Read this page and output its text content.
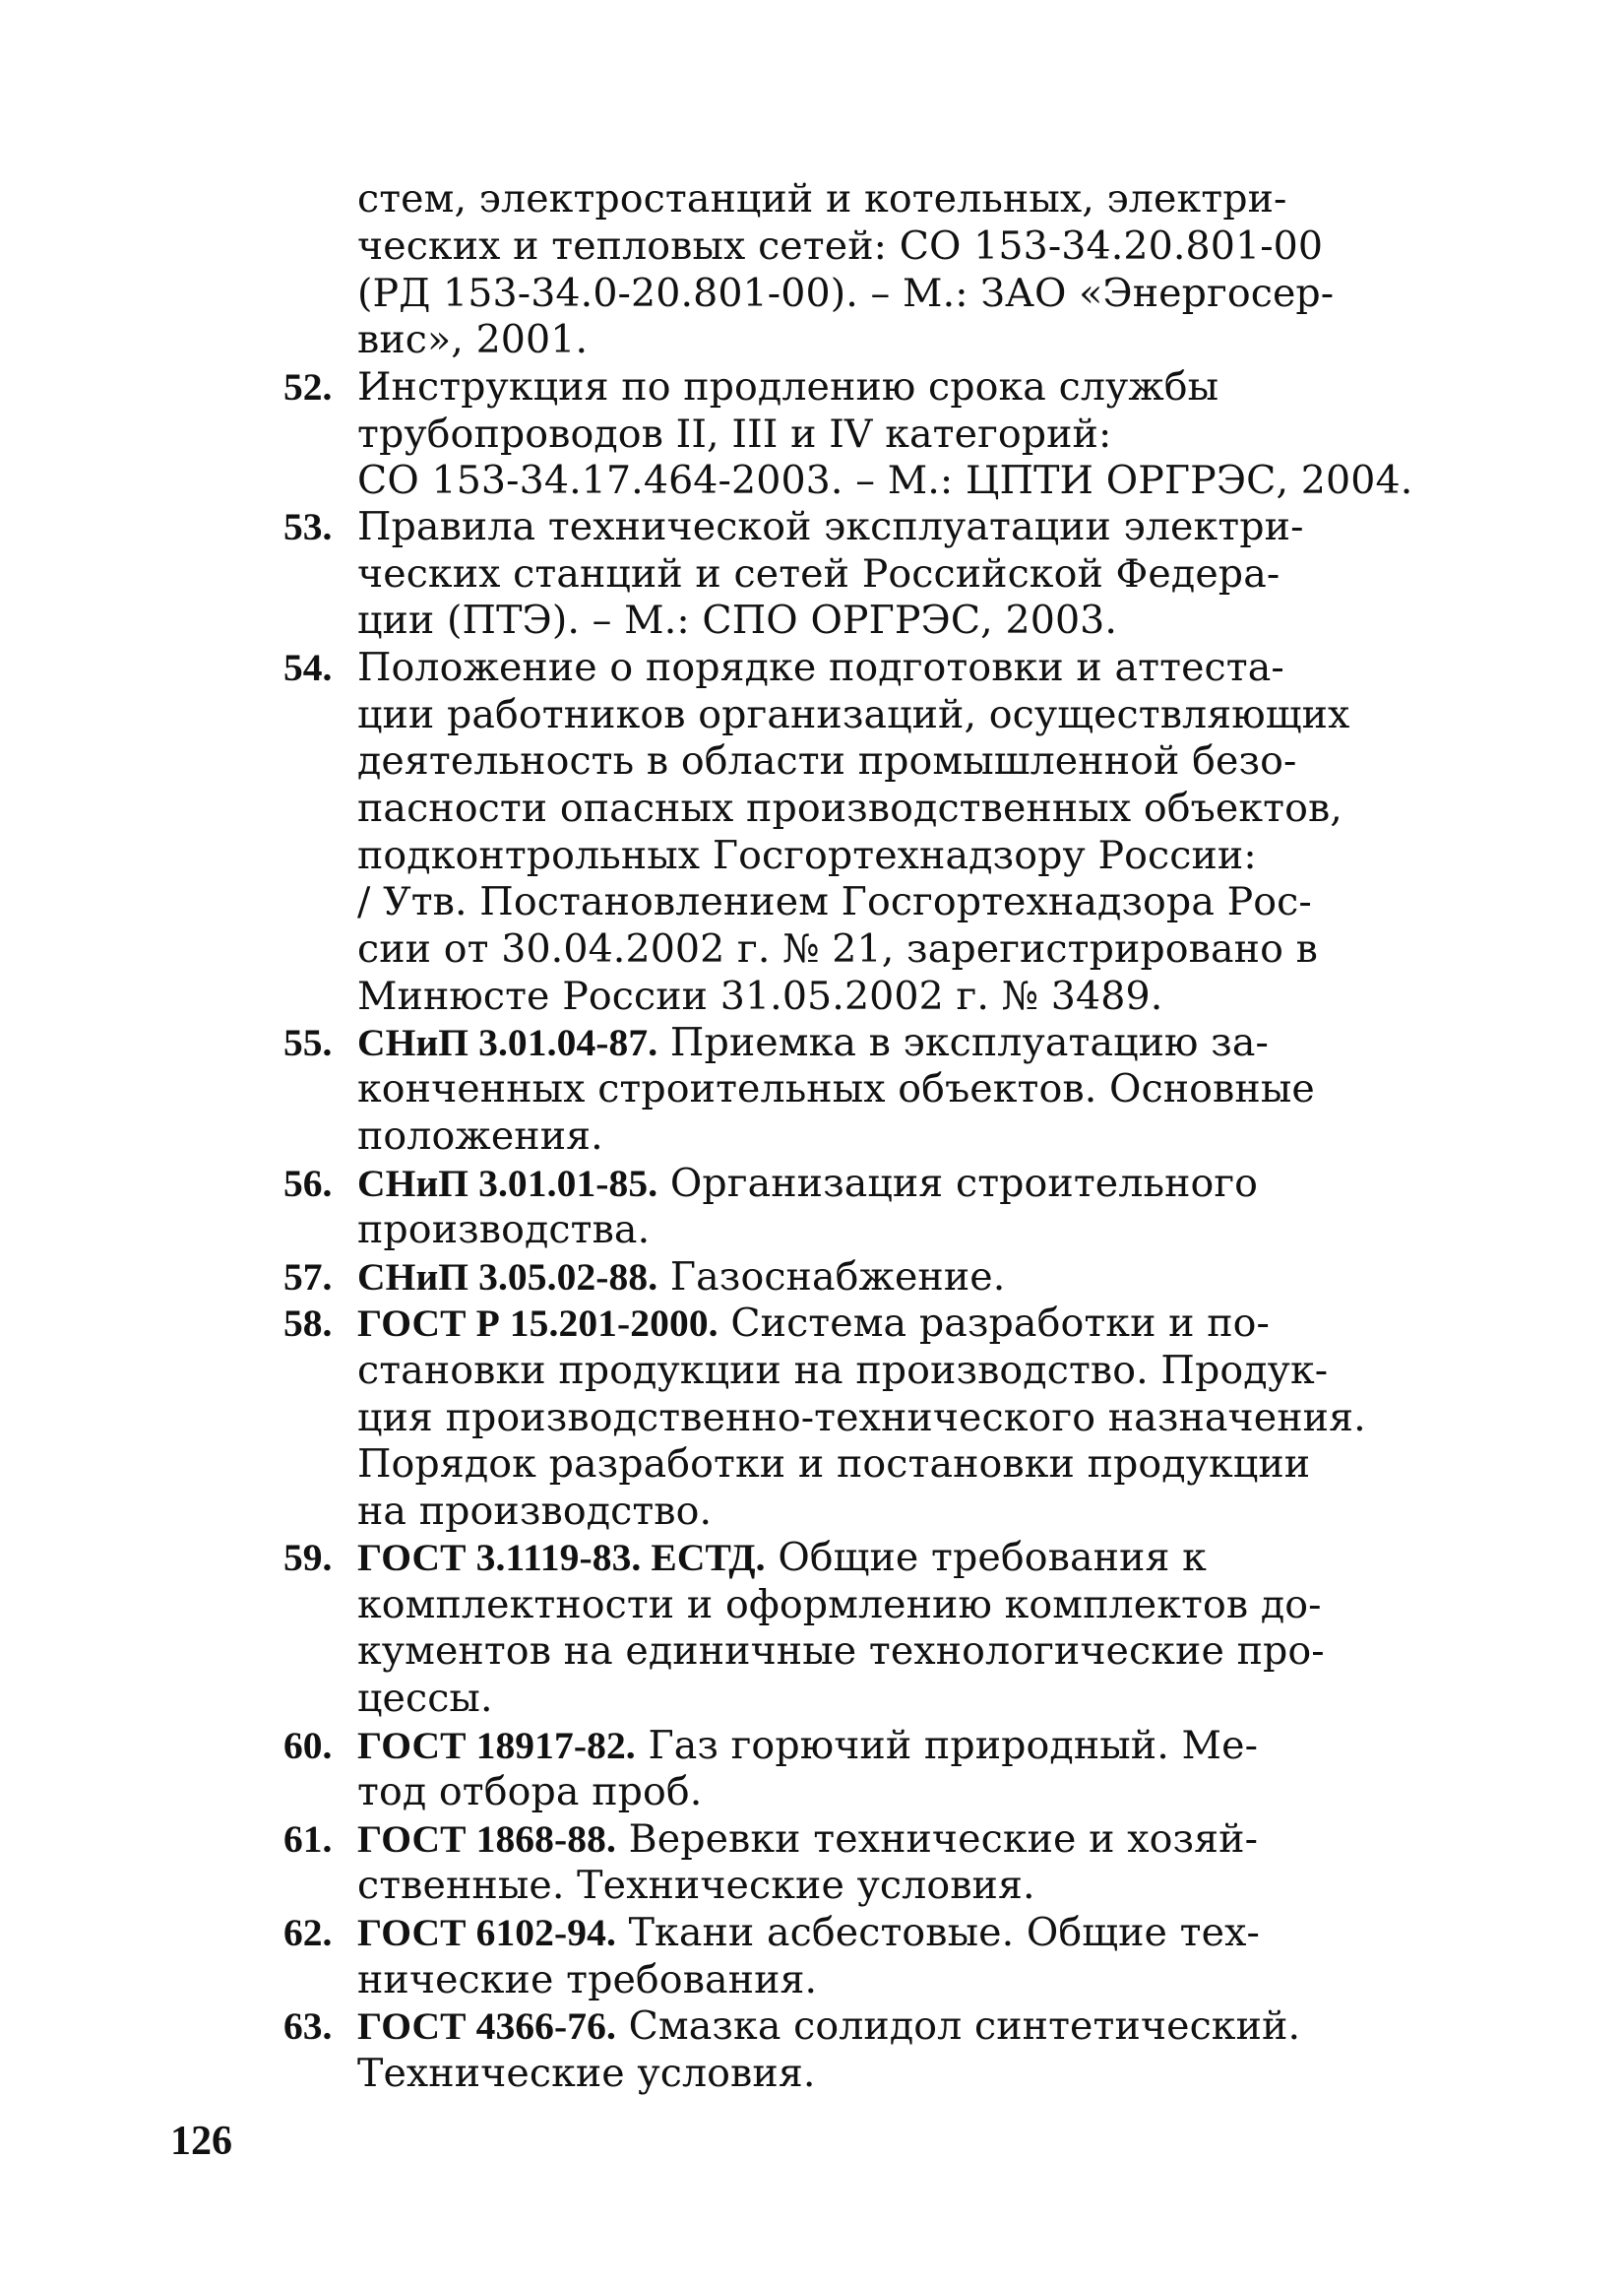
стем, электростанций и котельных, электри-
ческих и тепловых сетей: СО 153-34.20.801-00
(РД 153-34.0-20.801-00). – М.: ЗАО «Энергосер-
вис», 2001.
52. Инструкция по продлению срока службы
трубопроводов II, III и IV категорий:
СО 153-34.17.464-2003. – М.: ЦПТИ ОРГРЭС, 2004.
53. Правила технической эксплуатации электри-
ческих станций и сетей Российской Федера-
ции (ПТЭ). – М.: СПО ОРГРЭС, 2003.
54. Положение о порядке подготовки и аттеста-
ции работников организаций, осуществляющих
деятельность в области промышленной безо-
пасности опасных производственных объектов,
подконтрольных Госгортехнадзору России:
/ Утв. Постановлением Госгортехнадзора Рос-
сии от 30.04.2002 г. № 21, зарегистрировано в
Минюсте России 31.05.2002 г. № 3489.
55. СНиП 3.01.04-87. Приемка в эксплуатацию за-
конченных строительных объектов. Основные
положения.
56. СНиП 3.01.01-85. Организация строительного
производства.
57. СНиП 3.05.02-88. Газоснабжение.
58. ГОСТ Р 15.201-2000. Система разработки и по-
становки продукции на производство. Продук-
ция производственно-технического назначения.
Порядок разработки и постановки продукции
на производство.
59. ГОСТ 3.1119-83. ЕСТД. Общие требования к
комплектности и оформлению комплектов до-
кументов на единичные технологические про-
цессы.
60. ГОСТ 18917-82. Газ горючий природный. Ме-
тод отбора проб.
61. ГОСТ 1868-88. Веревки технические и хозяй-
ственные. Технические условия.
62. ГОСТ 6102-94. Ткани асбестовые. Общие тех-
нические требования.
63. ГОСТ 4366-76. Смазка солидол синтетический.
Технические условия.
126
